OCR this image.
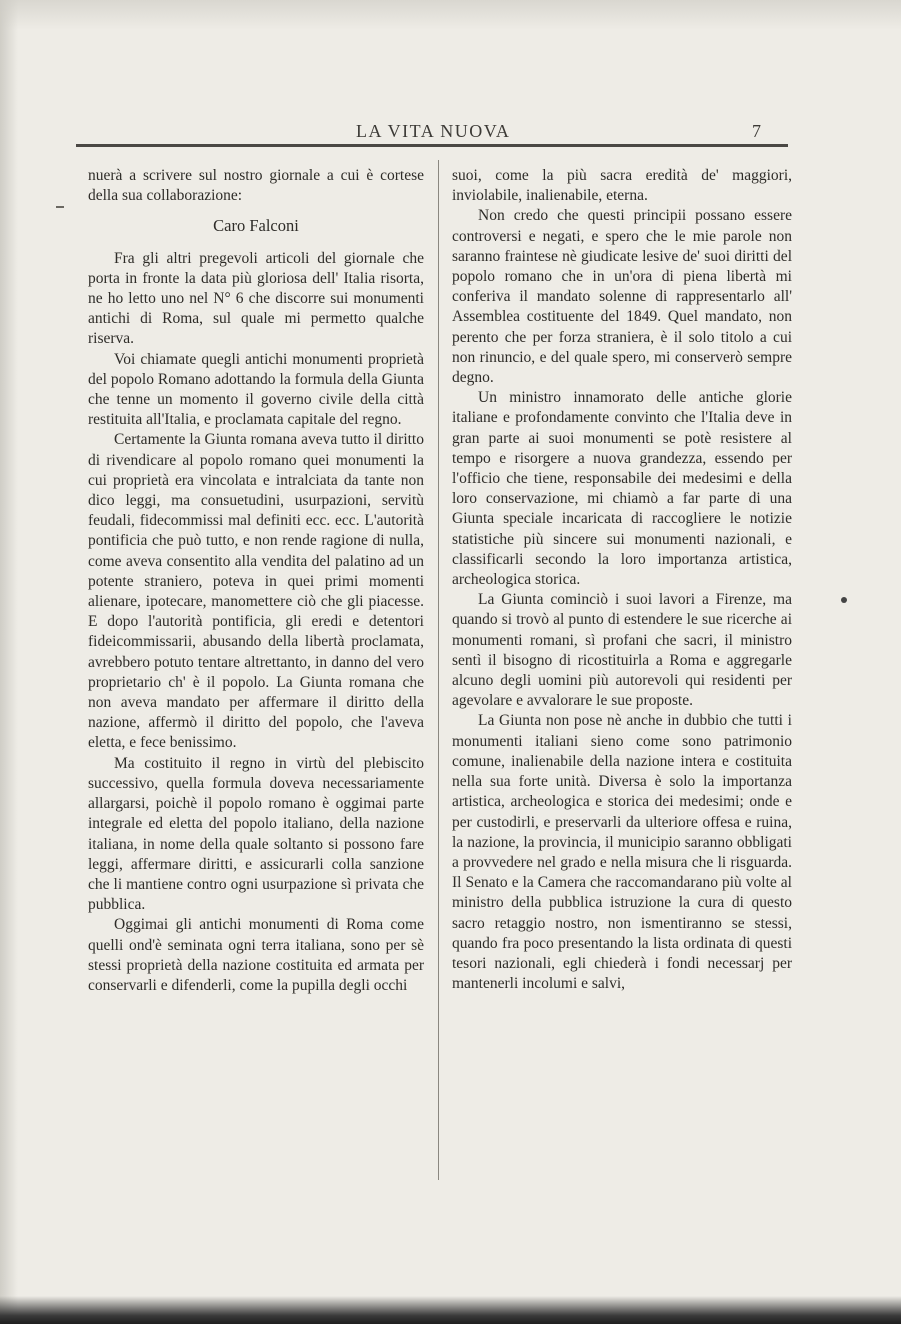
LA VITA NUOVA	7

nuerà a scrivere sul nostro giornale a cui è cortese della sua collaborazione:

Caro Falconi

Fra gli altri pregevoli articoli del giornale che porta in fronte la data più gloriosa dell' Italia risorta, ne ho letto uno nel N° 6 che discorre sui monumenti antichi di Roma, sul quale mi permetto qualche riserva.

Voi chiamate quegli antichi monumenti proprietà del popolo Romano adottando la formula della Giunta che tenne un momento il governo civile della città restituita all'Italia, e proclamata capitale del regno.

Certamente la Giunta romana aveva tutto il diritto di rivendicare al popolo romano quei monumenti la cui proprietà era vincolata e intralciata da tante non dico leggi, ma consuetudini, usurpazioni, servitù feudali, fidecommissi mal definiti ecc. ecc. L'autorità pontificia che può tutto, e non rende ragione di nulla, come aveva consentito alla vendita del palatino ad un potente straniero, poteva in quei primi momenti alienare, ipotecare, manomettere ciò che gli piacesse. E dopo l'autorità pontificia, gli eredi e detentori fideicommissarii, abusando della libertà proclamata, avrebbero potuto tentare altrettanto, in danno del vero proprietario ch' è il popolo. La Giunta romana che non aveva mandato per affermare il diritto della nazione, affermò il diritto del popolo, che l'aveva eletta, e fece benissimo.

Ma costituito il regno in virtù del plebiscito successivo, quella formula doveva necessariamente allargarsi, poichè il popolo romano è oggimai parte integrale ed eletta del popolo italiano, della nazione italiana, in nome della quale soltanto si possono fare leggi, affermare diritti, e assicurarli colla sanzione che li mantiene contro ogni usurpazione sì privata che pubblica.

Oggimai gli antichi monumenti di Roma come quelli ond'è seminata ogni terra italiana, sono per sè stessi proprietà della nazione costituita ed armata per conservarli e difenderli, come la pupilla degli occhi

suoi, come la più sacra eredità de' maggiori, inviolabile, inalienabile, eterna.

Non credo che questi principii possano essere controversi e negati, e spero che le mie parole non saranno fraintese nè giudicate lesive de' suoi diritti del popolo romano che in un'ora di piena libertà mi conferiva il mandato solenne di rappresentarlo all' Assemblea costituente del 1849. Quel mandato, non perento che per forza straniera, è il solo titolo a cui non rinuncio, e del quale spero, mi conserverò sempre degno.

Un ministro innamorato delle antiche glorie italiane e profondamente convinto che l'Italia deve in gran parte ai suoi monumenti se potè resistere al tempo e risorgere a nuova grandezza, essendo per l'officio che tiene, responsabile dei medesimi e della loro conservazione, mi chiamò a far parte di una Giunta speciale incaricata di raccogliere le notizie statistiche più sincere sui monumenti nazionali, e classificarli secondo la loro importanza artistica, archeologica storica.

La Giunta cominciò i suoi lavori a Firenze, ma quando si trovò al punto di estendere le sue ricerche ai monumenti romani, sì profani che sacri, il ministro sentì il bisogno di ricostituirla a Roma e aggregarle alcuno degli uomini più autorevoli qui residenti per agevolare e avvalorare le sue proposte.

La Giunta non pose nè anche in dubbio che tutti i monumenti italiani sieno come sono patrimonio comune, inalienabile della nazione intera e costituita nella sua forte unità. Diversa è solo la importanza artistica, archeologica e storica dei medesimi; onde e per custodirli, e preservarli da ulteriore offesa e ruina, la nazione, la provincia, il municipio saranno obbligati a provvedere nel grado e nella misura che li risguarda. Il Senato e la Camera che raccomandarano più volte al ministro della pubblica istruzione la cura di questo sacro retaggio nostro, non ismentiranno se stessi, quando fra poco presentando la lista ordinata di questi tesori nazionali, egli chiederà i fondi necessarj per mantenerli incolumi e salvi,
